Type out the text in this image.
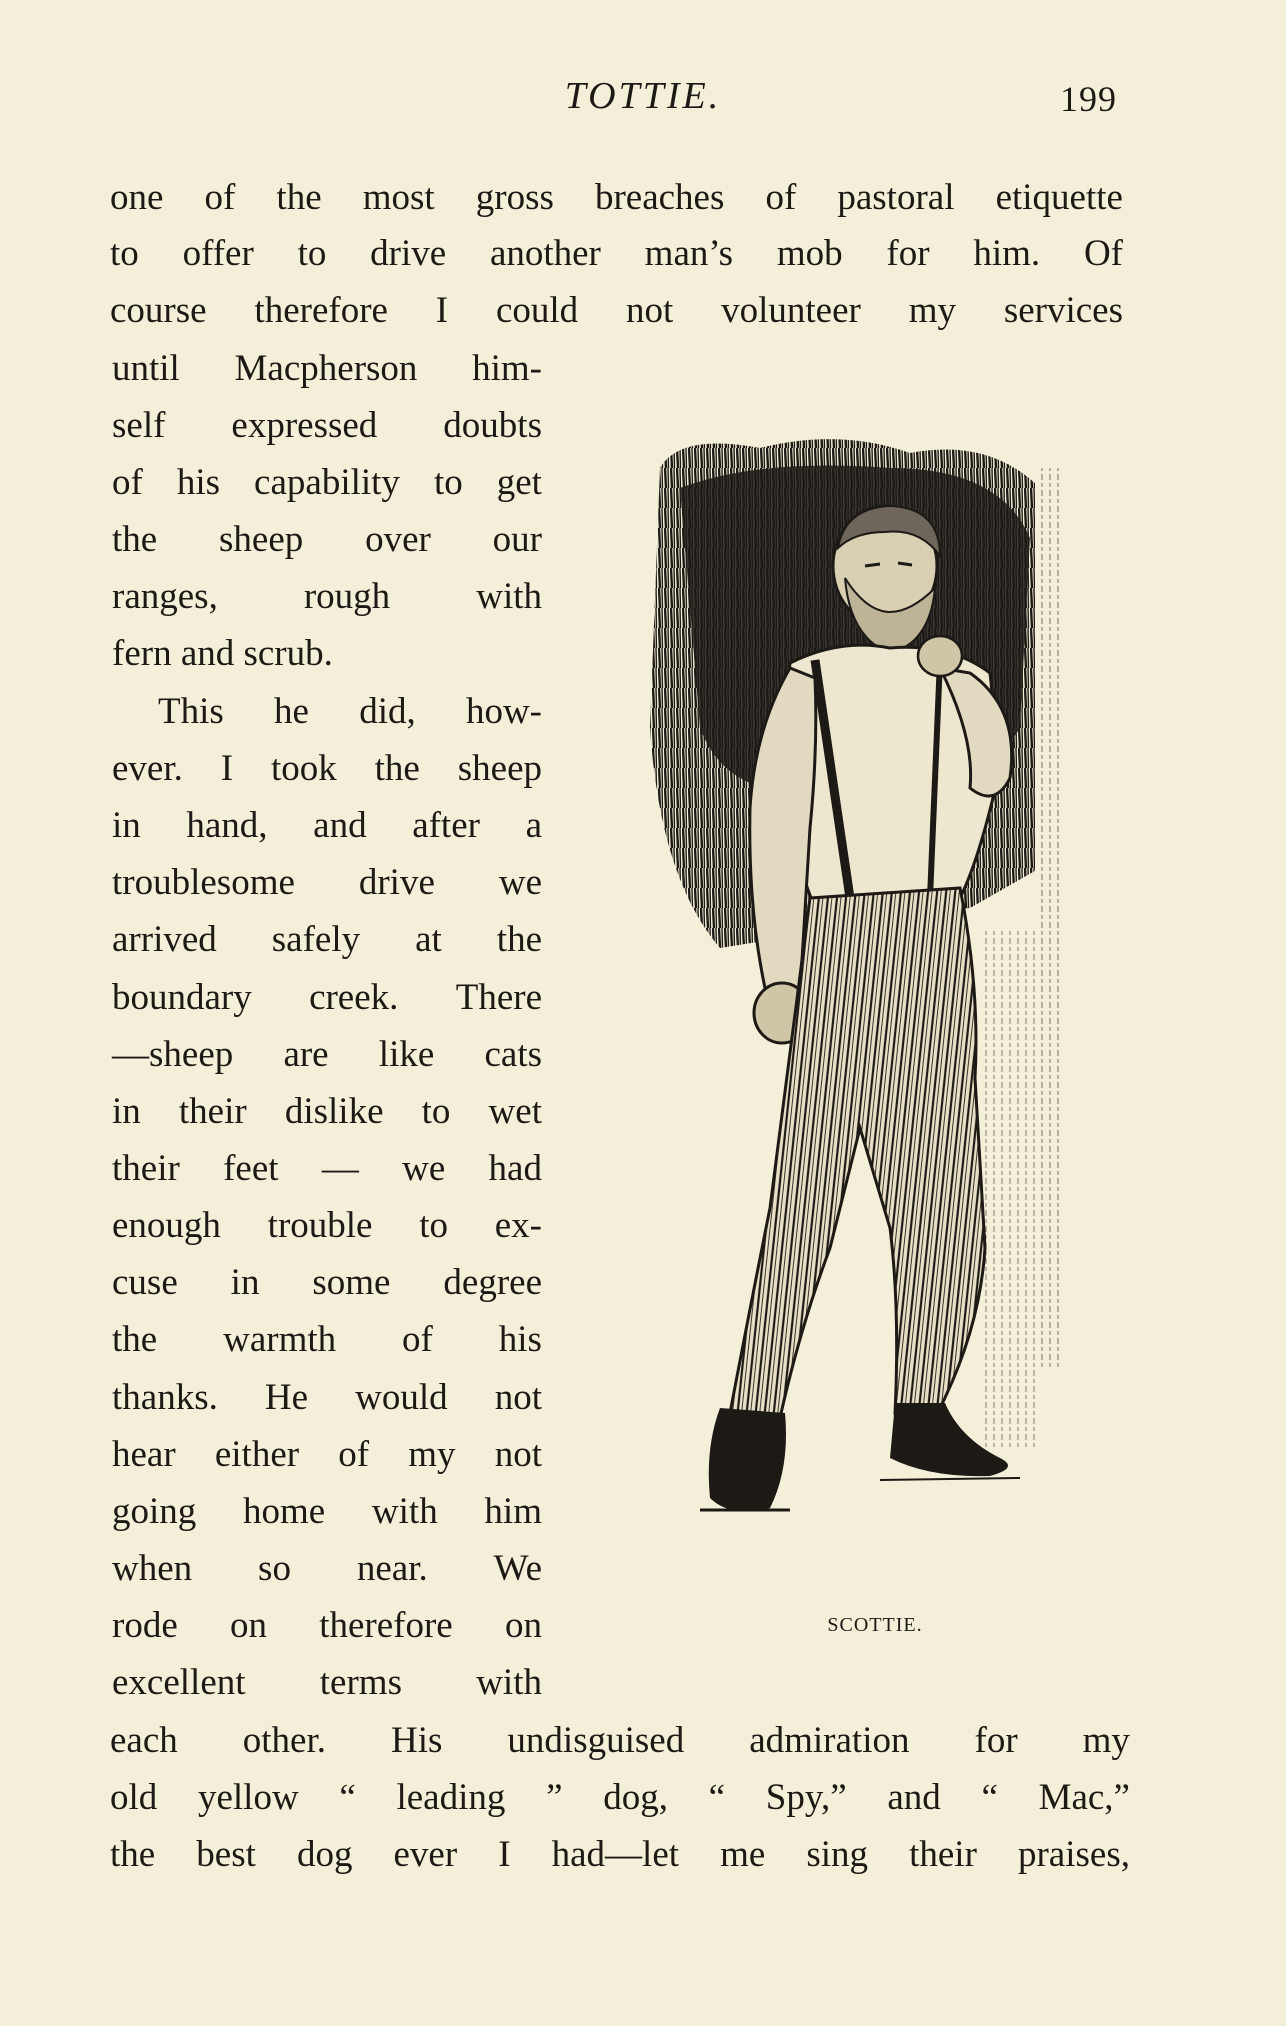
TOTTIE.	199
one of the most gross breaches of pastoral etiquette
to offer to drive another man’s mob for him. Of
course therefore I could not volunteer my services
until Macpherson him-
self expressed doubts
of his capability to get
the sheep over our
ranges, rough with
fern and scrub.
This he did, how-
ever. I took the sheep
in hand, and after a
troublesome drive we
arrived safely at the
boundary creek. There
—sheep are like cats
in their dislike to wet
their feet — we had
enough trouble to ex-
cuse in some degree
the warmth of his
thanks. He would not
hear either of my not
going home with him
when so near. We
rode on therefore on
excellent terms with
each other. His undisguised admiration for my
old yellow “ leading ” dog, “ Spy,” and “ Mac,”
the best dog ever I had—let me sing their praises,
SCOTTIE.
